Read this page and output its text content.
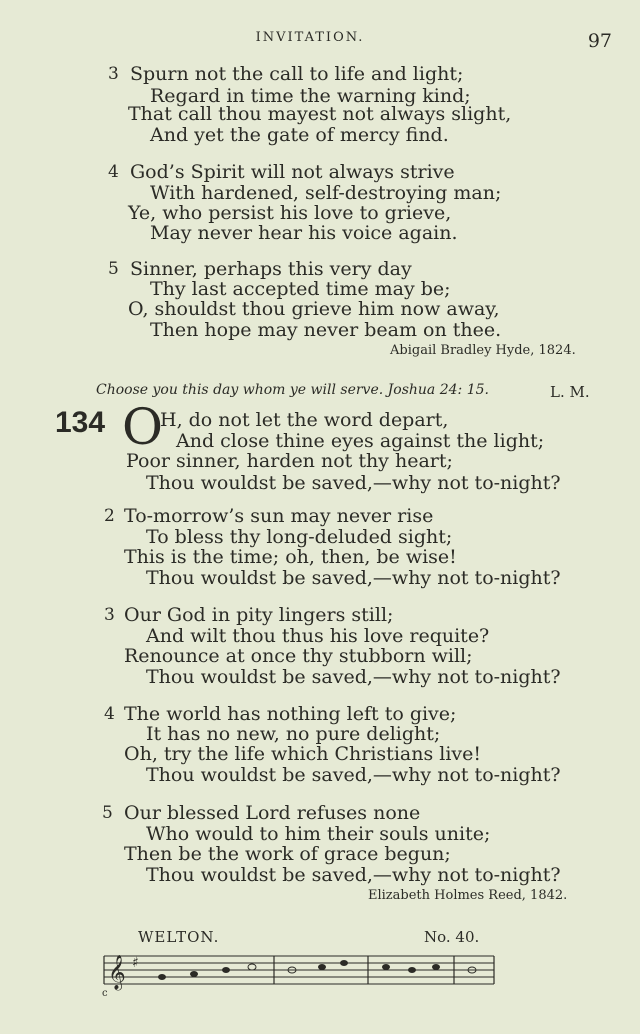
INVITATION.	97
3 Spurn not the call to life and light;
Regard in time the warning kind;
That call thou mayest not always slight,
And yet the gate of mercy find.
4 God’s Spirit will not always strive
With hardened, self-destroying man;
Ye, who persist his love to grieve,
May never hear his voice again.
5 Sinner, perhaps this very day
Thy last accepted time may be;
O, shouldst thou grieve him now away,
Then hope may never beam on thee.
Abigail Bradley Hyde, 1824.
Choose you this day whom ye will serve. Joshua 24: 15.	L. M.
134 O
H, do not let the word depart,
And close thine eyes against the light;
Poor sinner, harden not thy heart;
Thou wouldst be saved,—why not to-night?
2 To-morrow’s sun may never rise
To bless thy long-deluded sight;
This is the time; oh, then, be wise!
Thou wouldst be saved,—why not to-night?
3 Our God in pity lingers still;
And wilt thou thus his love requite?
Renounce at once thy stubborn will;
Thou wouldst be saved,—why not to-night?
4 The world has nothing left to give;
It has no new, no pure delight;
Oh, try the life which Christians live!
Thou wouldst be saved,—why not to-night?
5 Our blessed Lord refuses none
Who would to him their souls unite;
Then be the work of grace begun;
Thou wouldst be saved,—why not to-night?
Elizabeth Holmes Reed, 1842.
WELTON.	No. 40.
𝄞 ♯
c
